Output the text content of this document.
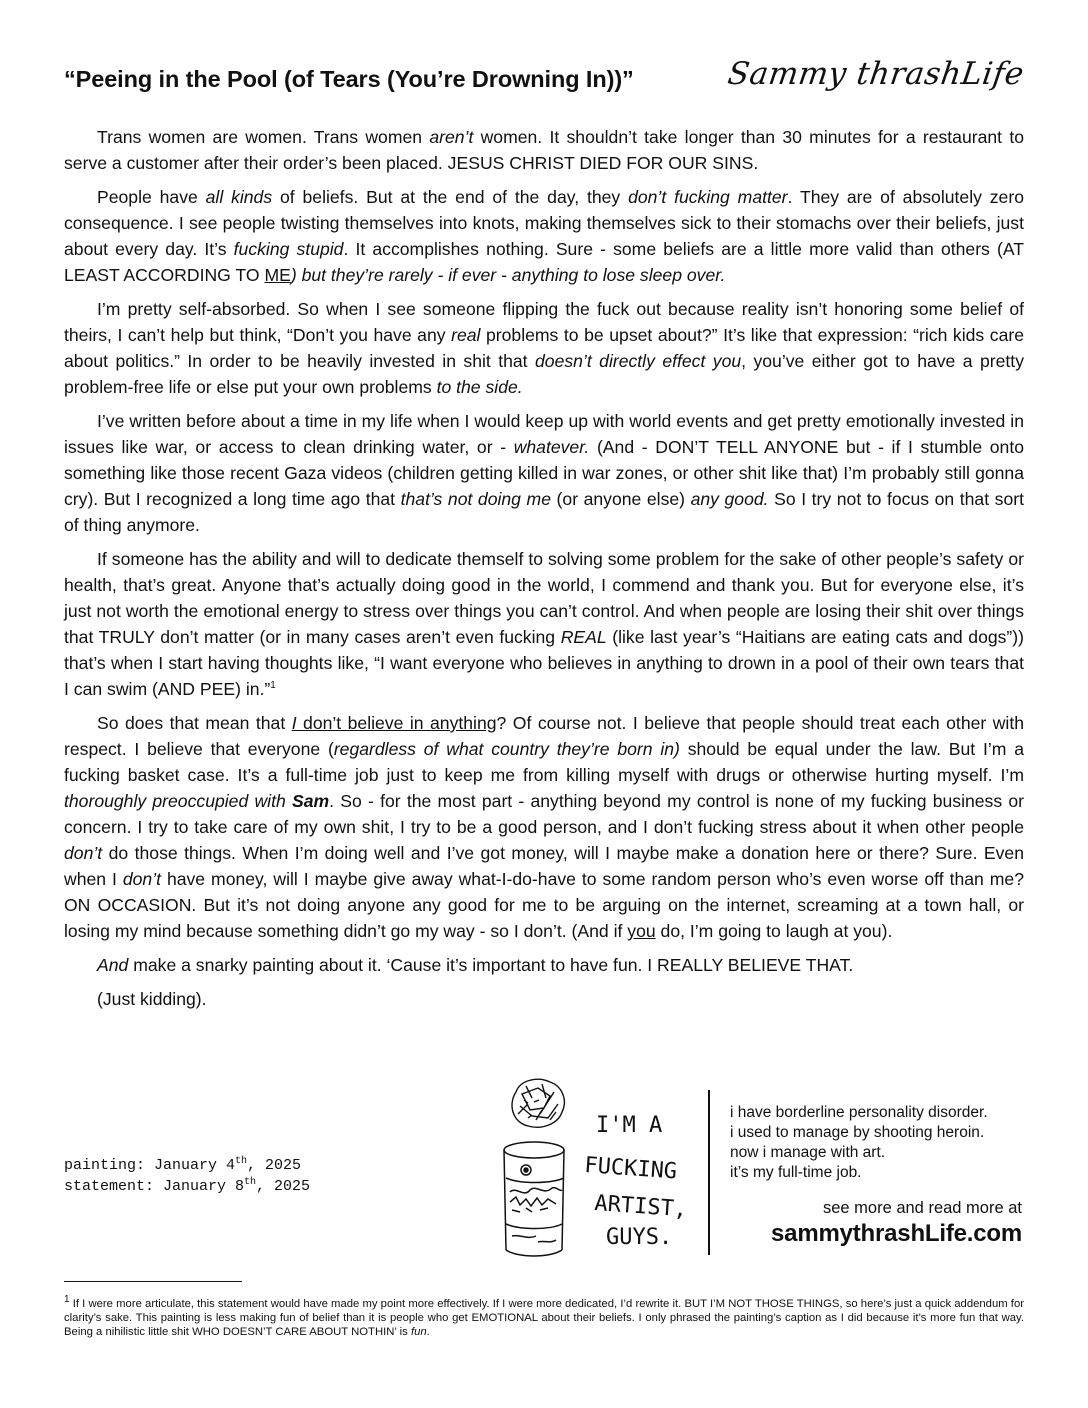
“Peeing in the Pool (of Tears (You’re Drowning In))”	Sammy thrashLife

Trans women are women. Trans women aren’t women. It shouldn’t take longer than 30 minutes for a restaurant to serve a customer after their order’s been placed. JESUS CHRIST DIED FOR OUR SINS.

People have all kinds of beliefs. But at the end of the day, they don’t fucking matter. They are of absolutely zero consequence. I see people twisting themselves into knots, making themselves sick to their stomachs over their beliefs, just about every day. It’s fucking stupid. It accomplishes nothing. Sure - some beliefs are a little more valid than others (AT LEAST ACCORDING TO ME) but they’re rarely - if ever - anything to lose sleep over.

I’m pretty self-absorbed. So when I see someone flipping the fuck out because reality isn’t honoring some belief of theirs, I can’t help but think, “Don’t you have any real problems to be upset about?” It’s like that expression: “rich kids care about politics.” In order to be heavily invested in shit that doesn’t directly effect you, you’ve either got to have a pretty problem-free life or else put your own problems to the side.

I’ve written before about a time in my life when I would keep up with world events and get pretty emotionally invested in issues like war, or access to clean drinking water, or - whatever. (And - DON’T TELL ANYONE but - if I stumble onto something like those recent Gaza videos (children getting killed in war zones, or other shit like that) I’m probably still gonna cry). But I recognized a long time ago that that’s not doing me (or anyone else) any good. So I try not to focus on that sort of thing anymore.

If someone has the ability and will to dedicate themself to solving some problem for the sake of other people’s safety or health, that’s great. Anyone that’s actually doing good in the world, I commend and thank you. But for everyone else, it’s just not worth the emotional energy to stress over things you can’t control. And when people are losing their shit over things that TRULY don’t matter (or in many cases aren’t even fucking REAL (like last year’s “Haitians are eating cats and dogs”)) that’s when I start having thoughts like, “I want everyone who believes in anything to drown in a pool of their own tears that I can swim (AND PEE) in.”$^1$

So does that mean that I don’t believe in anything? Of course not. I believe that people should treat each other with respect. I believe that everyone (regardless of what country they’re born in) should be equal under the law. But I’m a fucking basket case. It’s a full-time job just to keep me from killing myself with drugs or otherwise hurting myself. I’m thoroughly preoccupied with Sam. So - for the most part - anything beyond my control is none of my fucking business or concern. I try to take care of my own shit, I try to be a good person, and I don’t fucking stress about it when other people don’t do those things. When I’m doing well and I’ve got money, will I maybe make a donation here or there? Sure. Even when I don’t have money, will I maybe give away what-I-do-have to some random person who’s even worse off than me? ON OCCASION. But it’s not doing anyone any good for me to be arguing on the internet, screaming at a town hall, or losing my mind because something didn’t go my way - so I don’t. (And if you do, I’m going to laugh at you).

And make a snarky painting about it. ‘Cause it’s important to have fun. I REALLY BELIEVE THAT.

(Just kidding).

painting: January 4th, 2025
statement: January 8th, 2025
I'M A
FUCKING
ARTIST,
GUYS.
i have borderline personality disorder.
i used to manage by shooting heroin.
now i manage with art.
it’s my full-time job.
see more and read more at
sammythrashLife.com
$^1$ If I were more articulate, this statement would have made my point more effectively. If I were more dedicated, I’d rewrite it. BUT I’M NOT THOSE THINGS, so here’s just a quick addendum for clarity’s sake. This painting is less making fun of belief than it is people who get EMOTIONAL about their beliefs. I only phrased the painting’s caption as I did because it’s more fun that way. Being a nihilistic little shit WHO DOESN’T CARE ABOUT NOTHIN’ is fun.
